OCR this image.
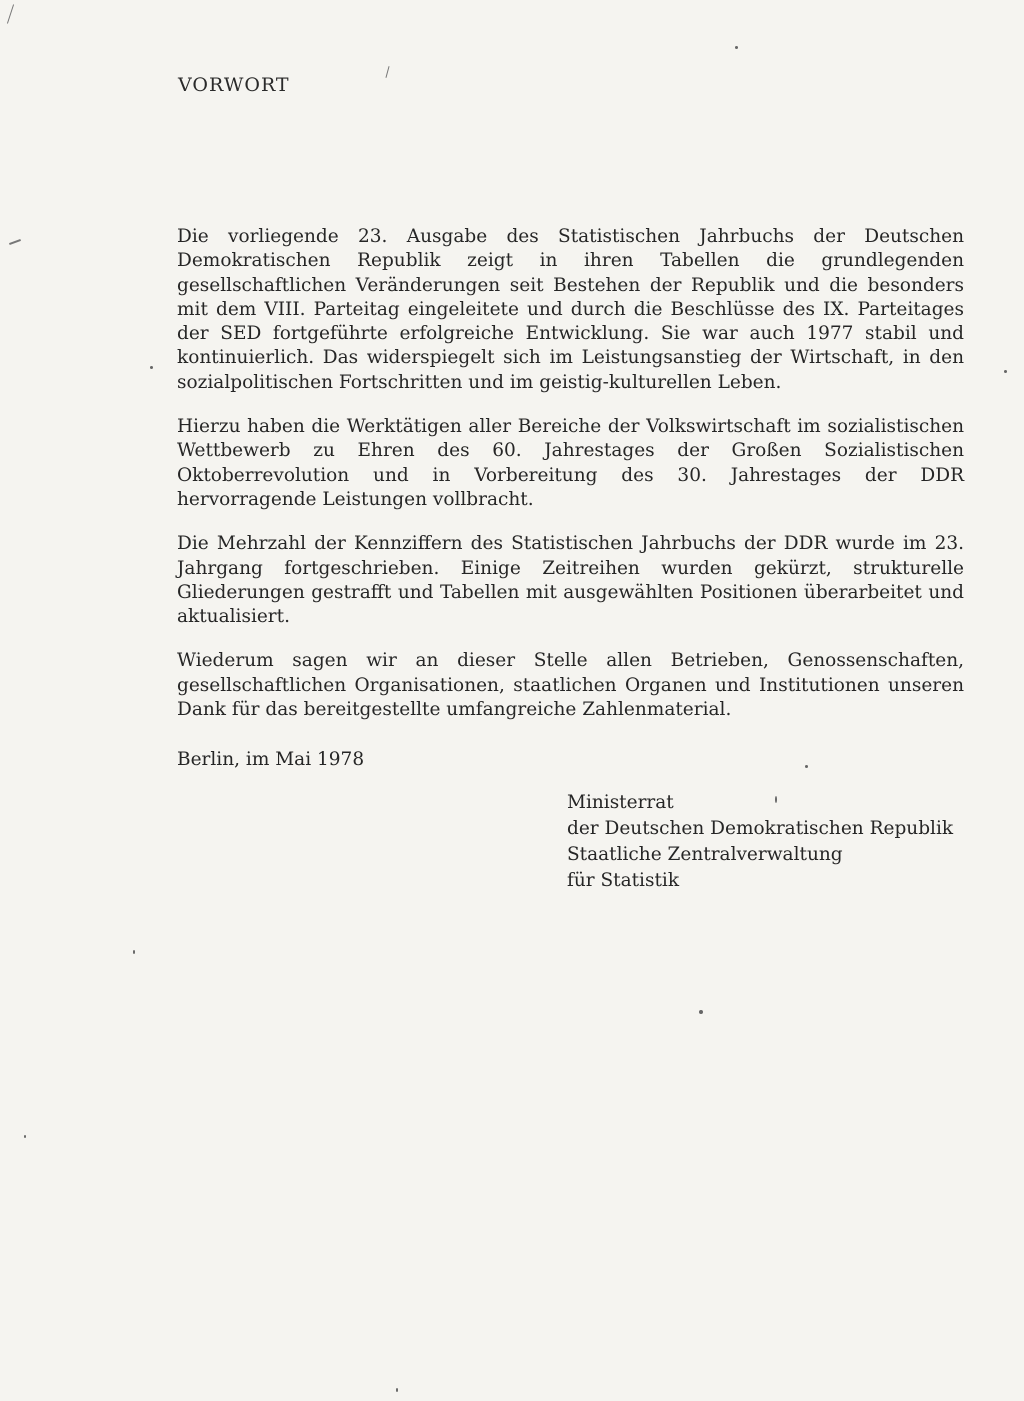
VORWORT

Die vorliegende 23. Ausgabe des Statistischen Jahrbuchs der Deutschen Demokratischen Republik zeigt in ihren Tabellen die grundlegenden gesellschaftlichen Veränderungen seit Bestehen der Republik und die besonders mit dem VIII. Parteitag eingeleitete und durch die Beschlüsse des IX. Parteitages der SED fortgeführte erfolgreiche Entwicklung. Sie war auch 1977 stabil und kontinuierlich. Das widerspiegelt sich im Leistungsanstieg der Wirtschaft, in den sozialpolitischen Fortschritten und im geistig-kulturellen Leben.

Hierzu haben die Werktätigen aller Bereiche der Volkswirtschaft im sozialistischen Wettbewerb zu Ehren des 60. Jahrestages der Großen Sozialistischen Oktoberrevolution und in Vorbereitung des 30. Jahrestages der DDR hervorragende Leistungen vollbracht.

Die Mehrzahl der Kennziffern des Statistischen Jahrbuchs der DDR wurde im 23. Jahrgang fortgeschrieben. Einige Zeitreihen wurden gekürzt, strukturelle Gliederungen gestrafft und Tabellen mit ausgewählten Positionen überarbeitet und aktualisiert.

Wiederum sagen wir an dieser Stelle allen Betrieben, Genossenschaften, gesellschaftlichen Organisationen, staatlichen Organen und Institutionen unseren Dank für das bereitgestellte umfangreiche Zahlenmaterial.

Berlin, im Mai 1978
Ministerrat
der Deutschen Demokratischen Republik
Staatliche Zentralverwaltung
für Statistik
